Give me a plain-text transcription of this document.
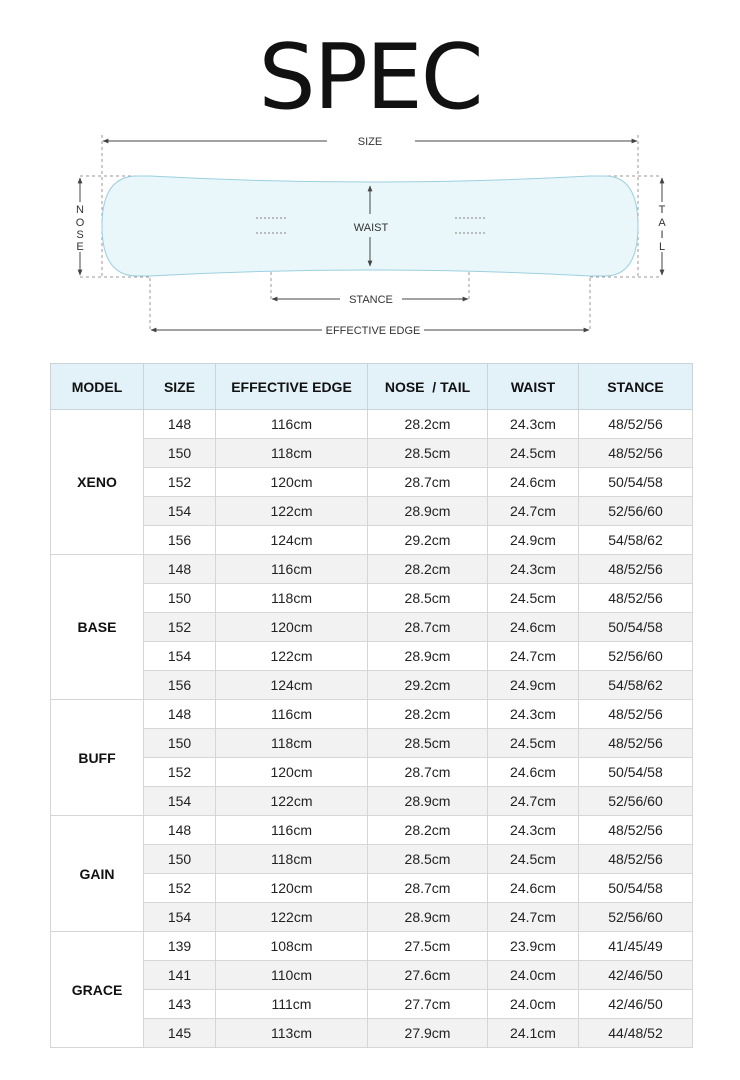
SPEC
SIZE
WAIST
STANCE
EFFECTIVE EDGE
N
O
S
E
T
A
I
L
MODEL	SIZE	EFFECTIVE EDGE	NOSE  / TAIL	WAIST	STANCE
XENO	148	116cm	28.2cm	24.3cm	48/52/56
	150	118cm	28.5cm	24.5cm	48/52/56
	152	120cm	28.7cm	24.6cm	50/54/58
	154	122cm	28.9cm	24.7cm	52/56/60
	156	124cm	29.2cm	24.9cm	54/58/62
BASE	148	116cm	28.2cm	24.3cm	48/52/56
	150	118cm	28.5cm	24.5cm	48/52/56
	152	120cm	28.7cm	24.6cm	50/54/58
	154	122cm	28.9cm	24.7cm	52/56/60
	156	124cm	29.2cm	24.9cm	54/58/62
BUFF	148	116cm	28.2cm	24.3cm	48/52/56
	150	118cm	28.5cm	24.5cm	48/52/56
	152	120cm	28.7cm	24.6cm	50/54/58
	154	122cm	28.9cm	24.7cm	52/56/60
GAIN	148	116cm	28.2cm	24.3cm	48/52/56
	150	118cm	28.5cm	24.5cm	48/52/56
	152	120cm	28.7cm	24.6cm	50/54/58
	154	122cm	28.9cm	24.7cm	52/56/60
GRACE	139	108cm	27.5cm	23.9cm	41/45/49
	141	110cm	27.6cm	24.0cm	42/46/50
	143	111cm	27.7cm	24.0cm	42/46/50
	145	113cm	27.9cm	24.1cm	44/48/52
